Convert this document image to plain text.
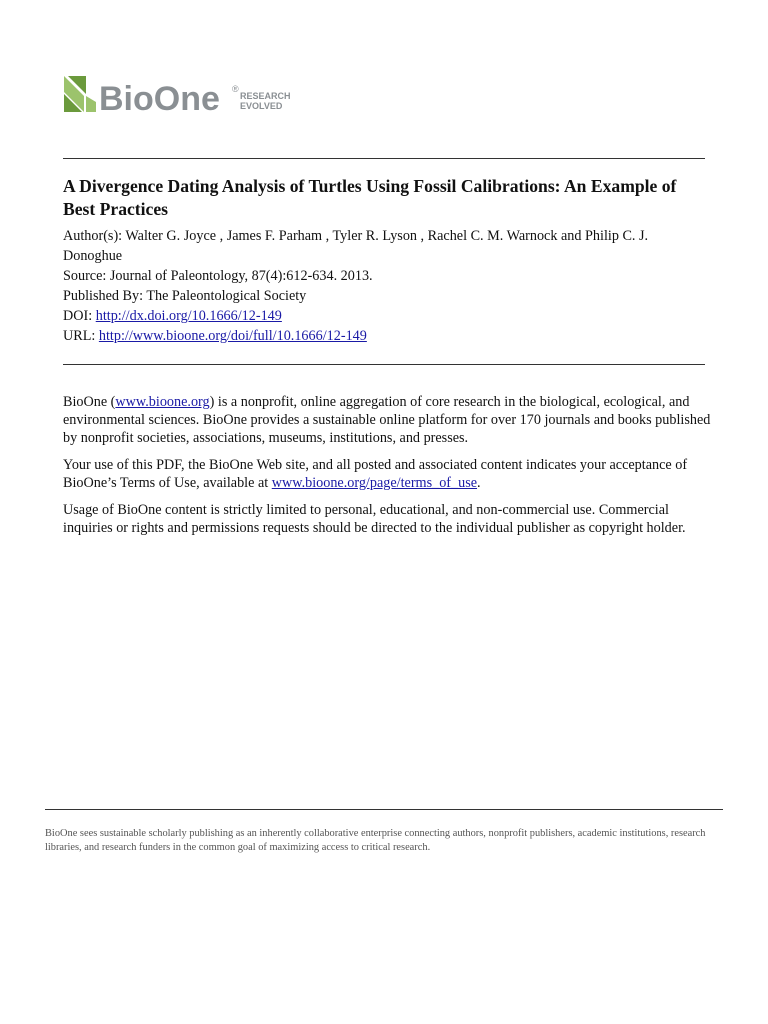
BioOne ®
RESEARCH
EVOLVED
A Divergence Dating Analysis of Turtles Using Fossil Calibrations: An Example of Best Practices

Author(s): Walter G. Joyce , James F. Parham , Tyler R. Lyson , Rachel C. M. Warnock and Philip C. J. Donoghue

Source: Journal of Paleontology, 87(4):612-634. 2013.

Published By: The Paleontological Society

DOI: http://dx.doi.org/10.1666/12-149

URL: http://www.bioone.org/doi/full/10.1666/12-149

BioOne (www.bioone.org) is a nonprofit, online aggregation of core research in the biological, ecological, and environmental sciences. BioOne provides a sustainable online platform for over 170 journals and books published by nonprofit societies, associations, museums, institutions, and presses.

Your use of this PDF, the BioOne Web site, and all posted and associated content indicates your acceptance of BioOne’s Terms of Use, available at www.bioone.org/page/terms_of_use.

Usage of BioOne content is strictly limited to personal, educational, and non-commercial use. Commercial inquiries or rights and permissions requests should be directed to the individual publisher as copyright holder.

BioOne sees sustainable scholarly publishing as an inherently collaborative enterprise connecting authors, nonprofit publishers, academic institutions, research libraries, and research funders in the common goal of maximizing access to critical research.
